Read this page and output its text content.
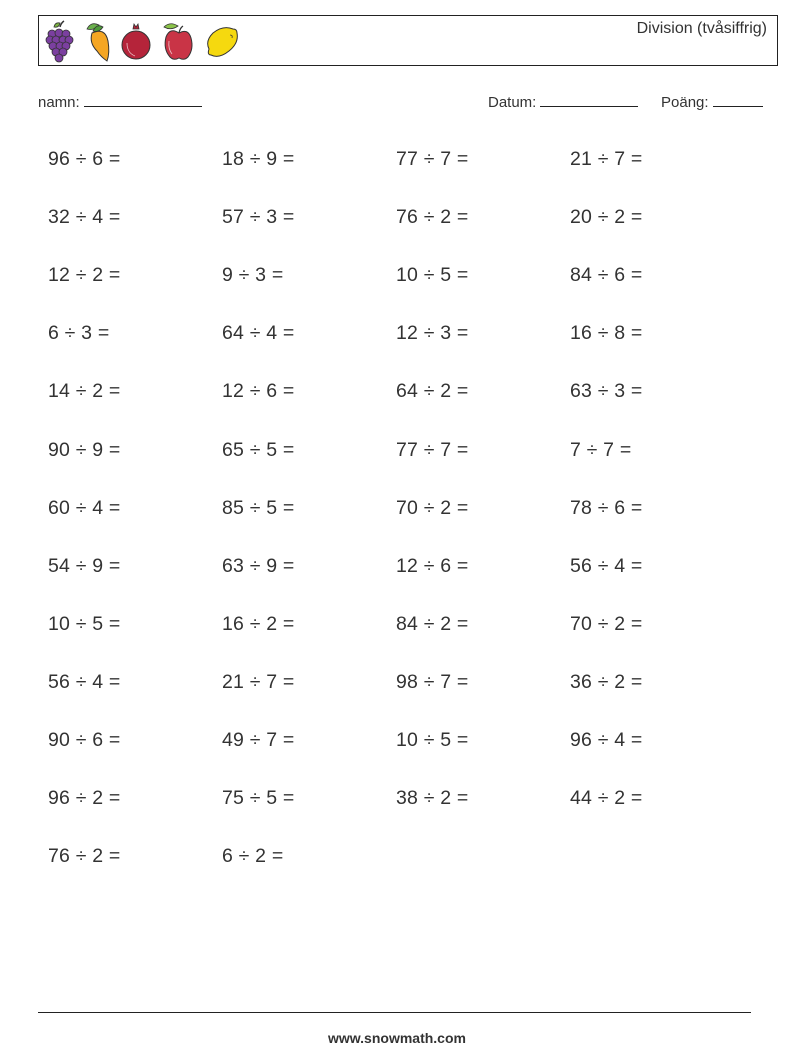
Division (tvåsiffrig)
namn:	Datum:	Poäng:
96 ÷ 6 =	18 ÷ 9 =	77 ÷ 7 =	21 ÷ 7 =
32 ÷ 4 =	57 ÷ 3 =	76 ÷ 2 =	20 ÷ 2 =
12 ÷ 2 =	9 ÷ 3 =	10 ÷ 5 =	84 ÷ 6 =
6 ÷ 3 =	64 ÷ 4 =	12 ÷ 3 =	16 ÷ 8 =
14 ÷ 2 =	12 ÷ 6 =	64 ÷ 2 =	63 ÷ 3 =
90 ÷ 9 =	65 ÷ 5 =	77 ÷ 7 =	7 ÷ 7 =
60 ÷ 4 =	85 ÷ 5 =	70 ÷ 2 =	78 ÷ 6 =
54 ÷ 9 =	63 ÷ 9 =	12 ÷ 6 =	56 ÷ 4 =
10 ÷ 5 =	16 ÷ 2 =	84 ÷ 2 =	70 ÷ 2 =
56 ÷ 4 =	21 ÷ 7 =	98 ÷ 7 =	36 ÷ 2 =
90 ÷ 6 =	49 ÷ 7 =	10 ÷ 5 =	96 ÷ 4 =
96 ÷ 2 =	75 ÷ 5 =	38 ÷ 2 =	44 ÷ 2 =
76 ÷ 2 =	6 ÷ 2 =
www.snowmath.com
